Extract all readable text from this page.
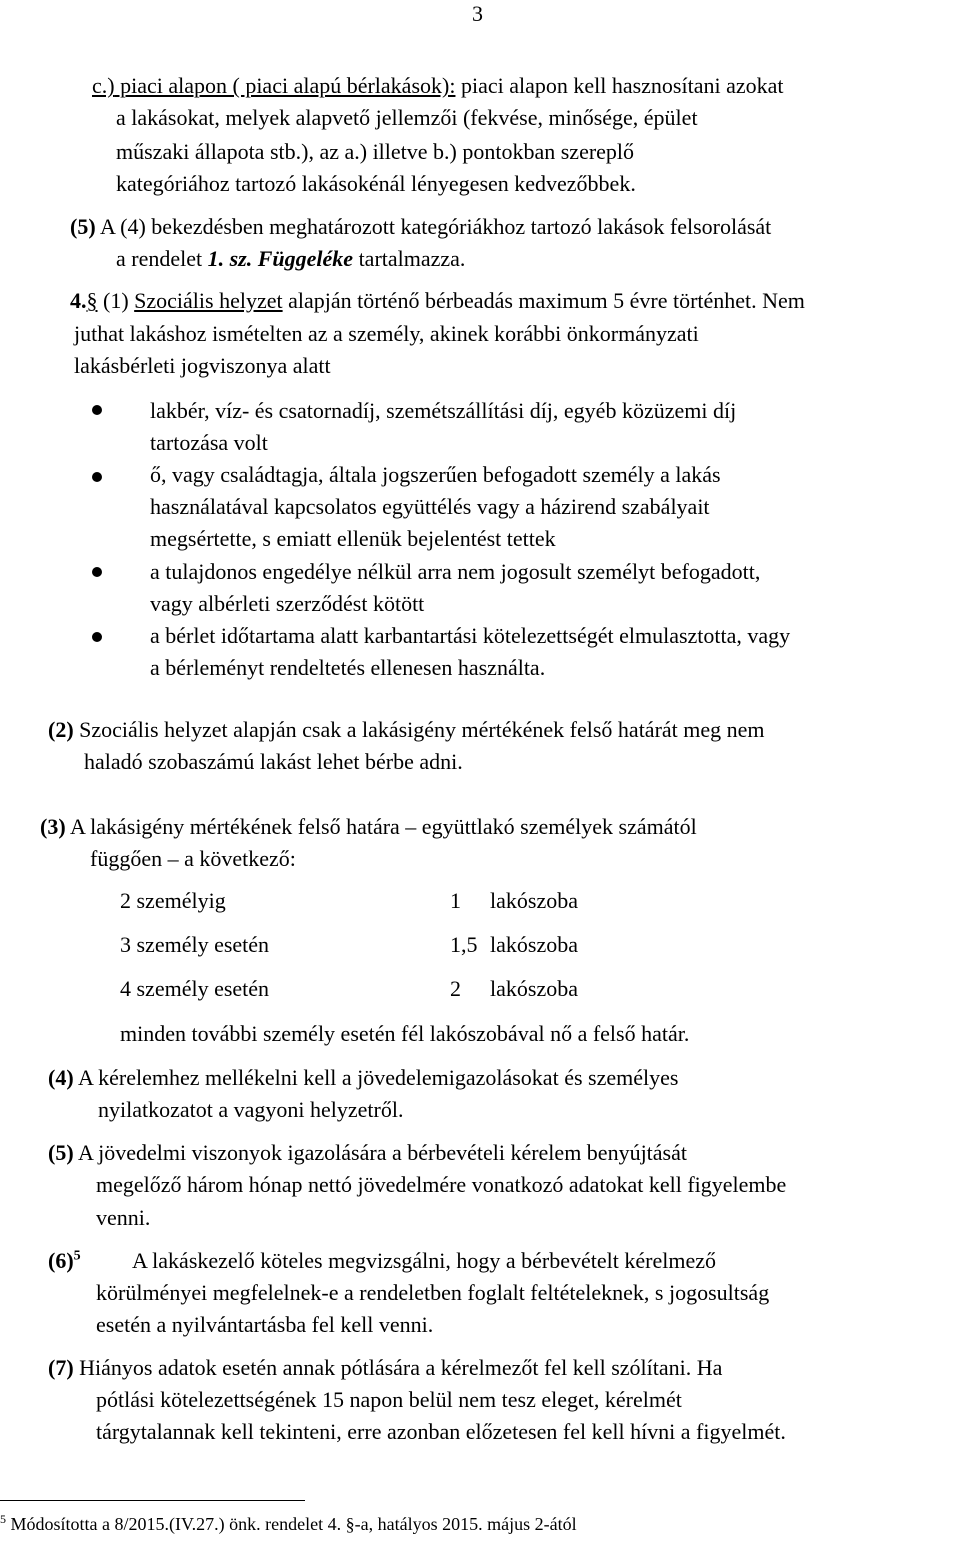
3
c.) piaci alapon ( piaci alapú bérlakások): piaci alapon kell hasznosítani azokat
a lakásokat, melyek alapvető jellemzői (fekvése, minősége, épület
műszaki állapota stb.), az a.) illetve b.) pontokban szereplő
kategóriához tartozó lakásokénál lényegesen kedvezőbbek.
(5) A (4) bekezdésben meghatározott kategóriákhoz tartozó lakások felsorolását
a rendelet 1. sz. Függeléke tartalmazza.
4.§ (1) Szociális helyzet alapján történő bérbeadás maximum 5 évre történhet. Nem
juthat lakáshoz ismételten az a személy, akinek korábbi önkormányzati
lakásbérleti jogviszonya alatt
lakbér, víz- és csatornadíj, szemétszállítási díj, egyéb közüzemi díj
tartozása volt
ő, vagy családtagja, általa jogszerűen befogadott személy a lakás
használatával kapcsolatos együttélés vagy a házirend szabályait
megsértette, s emiatt ellenük bejelentést tettek
a tulajdonos engedélye nélkül arra nem jogosult személyt befogadott,
vagy albérleti szerződést kötött
a bérlet időtartama alatt karbantartási kötelezettségét elmulasztotta, vagy
a bérleményt rendeltetés ellenesen használta.
(2) Szociális helyzet alapján csak a lakásigény mértékének felső határát meg nem
haladó szobaszámú lakást lehet bérbe adni.
(3) A lakásigény mértékének felső határa – együttlakó személyek számától
függően – a következő:
2 személyig	1 lakószoba
3 személy esetén	1,5 lakószoba
4 személy esetén	2 lakószoba
minden további személy esetén fél lakószobával nő a felső határ.
(4) A kérelemhez mellékelni kell a jövedelemigazolásokat és személyes
nyilatkozatot a vagyoni helyzetről.
(5) A jövedelmi viszonyok igazolására a bérbevételi kérelem benyújtását
megelőző három hónap nettó jövedelmére vonatkozó adatokat kell figyelembe
venni.
$(6)^5$	A lakáskezelő köteles megvizsgálni, hogy a bérbevételt kérelmező
körülményei megfelelnek-e a rendeletben foglalt feltételeknek, s jogosultság
esetén a nyilvántartásba fel kell venni.
(7) Hiányos adatok esetén annak pótlására a kérelmezőt fel kell szólítani. Ha
pótlási kötelezettségének 15 napon belül nem tesz eleget, kérelmét
tárgytalannak kell tekinteni, erre azonban előzetesen fel kell hívni a figyelmét.
$^5$ Módosította a 8/2015.(IV.27.) önk. rendelet 4. §-a, hatályos 2015. május 2-ától
